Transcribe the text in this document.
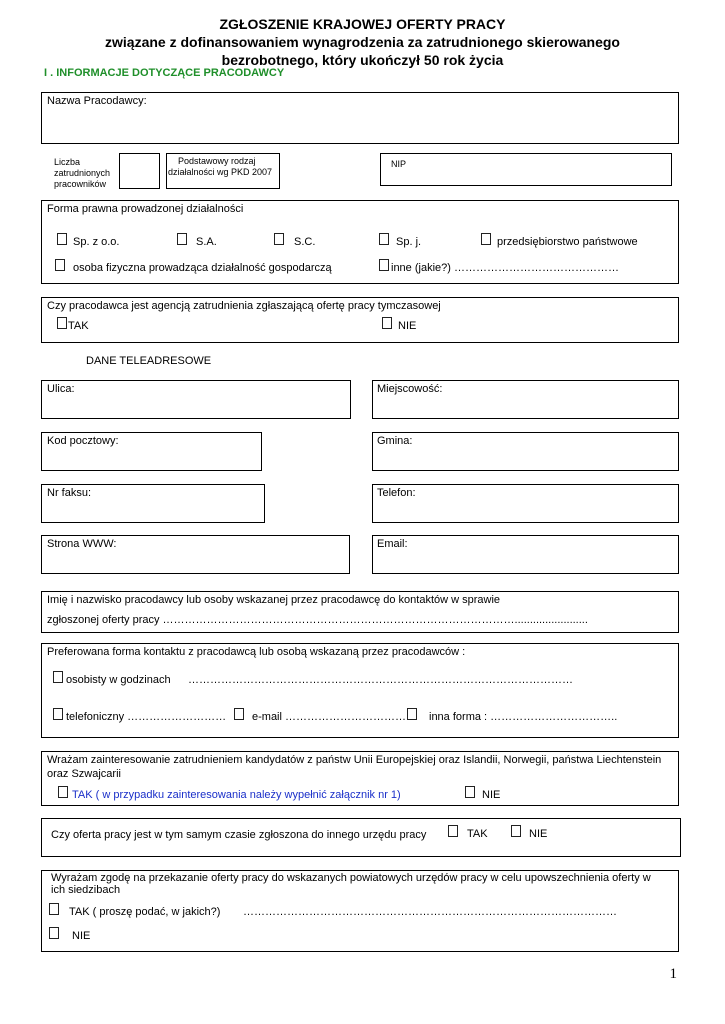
ZGŁOSZENIE KRAJOWEJ OFERTY PRACY
związane z dofinansowaniem wynagrodzenia za zatrudnionego skierowanego
bezrobotnego, który ukończył 50 rok życia
I . INFORMACJE DOTYCZĄCE PRACODAWCY
Nazwa Pracodawcy:
Liczba
zatrudnionych
pracowników
Podstawowy rodzaj
działalności wg PKD 2007
NIP
Forma prawna prowadzonej działalności
Sp. z o.o.	S.A.	S.C.	Sp. j.	przedsiębiorstwo państwowe
osoba fizyczna prowadząca działalność gospodarczą	inne (jakie?) ………………………………………
Czy pracodawca jest agencją zatrudnienia zgłaszającą ofertę pracy tymczasowej
TAK	NIE
DANE TELEADRESOWE
Ulica:	Miejscowość:
Kod pocztowy:	Gmina:
Nr faksu:	Telefon:
Strona WWW:	Email:
Imię i nazwisko pracodawcy lub osoby wskazanej przez pracodawcę do kontaktów w sprawie
zgłoszonej oferty pracy ……………………………………………………………………………………........................
Preferowana forma kontaktu z pracodawcą lub osobą wskazaną przez pracodawców :
osobisty w godzinach ……………………………………………………………………………………………
telefoniczny ……………………… e-mail …………………………… inna forma : ……………………………..
Wrażam zainteresowanie zatrudnieniem kandydatów z państw Unii Europejskiej oraz Islandii, Norwegii, państwa Liechtenstein
oraz Szwajcarii
TAK ( w przypadku zainteresowania należy wypełnić załącznik nr 1)	NIE
Czy oferta pracy jest w tym samym czasie zgłoszona do innego urzędu pracy	TAK	NIE
Wyrażam zgodę na przekazanie oferty pracy do wskazanych powiatowych urzędów pracy w celu upowszechnienia oferty w
ich siedzibach
TAK ( proszę podać, w jakich?) …………………………………………………………………………………………
NIE
1
